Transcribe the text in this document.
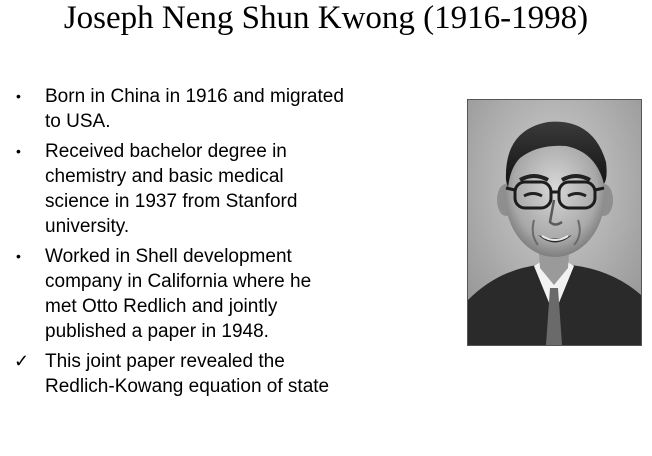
Joseph Neng Shun Kwong (1916-1998)
•	Born in China in 1916 and migrated to USA.
•	Received bachelor degree in chemistry and basic medical science in 1937 from Stanford university.
•	Worked in Shell development company in California where he met Otto Redlich and jointly published a paper in 1948.
✓ This joint paper revealed the Redlich-Kowang equation of state
